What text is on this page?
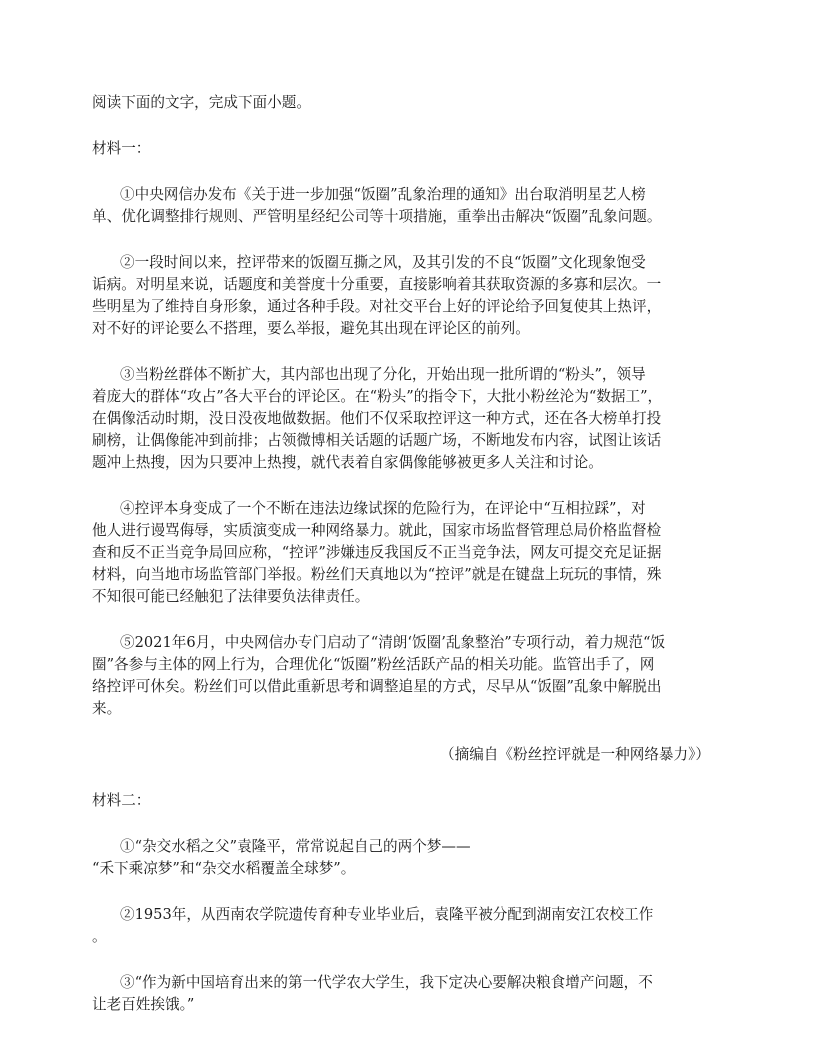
阅读下面的文字，完成下面小题。

材料一：

①中央网信办发布《关于进一步加强“饭圈”乱象治理的通知》出台取消明星艺人榜

单、优化调整排行规则、严管明星经纪公司等十项措施，重拳出击解决“饭圈”乱象问题。

②一段时间以来，控评带来的饭圈互撕之风，及其引发的不良“饭圈”文化现象饱受

诟病。对明星来说，话题度和美誉度十分重要，直接影响着其获取资源的多寡和层次。一

些明星为了维持自身形象，通过各种手段。对社交平台上好的评论给予回复使其上热评，

对不好的评论要么不搭理，要么举报，避免其出现在评论区的前列。

③当粉丝群体不断扩大，其内部也出现了分化，开始出现一批所谓的“粉头”，领导

着庞大的群体“攻占”各大平台的评论区。在“粉头”的指令下，大批小粉丝沦为“数据工”，

在偶像活动时期，没日没夜地做数据。他们不仅采取控评这一种方式，还在各大榜单打投

刷榜，让偶像能冲到前排；占领微博相关话题的话题广场，不断地发布内容，试图让该话

题冲上热搜，因为只要冲上热搜，就代表着自家偶像能够被更多人关注和讨论。

④控评本身变成了一个不断在违法边缘试探的危险行为，在评论中“互相拉踩”，对

他人进行谩骂侮辱，实质演变成一种网络暴力。就此，国家市场监督管理总局价格监督检

查和反不正当竞争局回应称，“控评”涉嫌违反我国反不正当竞争法，网友可提交充足证据

材料，向当地市场监管部门举报。粉丝们天真地以为“控评”就是在键盘上玩玩的事情，殊

不知很可能已经触犯了法律要负法律责任。

⑤2021年6月，中央网信办专门启动了“清朗‘饭圈’乱象整治”专项行动，着力规范“饭

圈”各参与主体的网上行为，合理优化“饭圈”粉丝活跃产品的相关功能。监管出手了，网

络控评可休矣。粉丝们可以借此重新思考和调整追星的方式，尽早从“饭圈”乱象中解脱出

来。

（摘编自《粉丝控评就是一种网络暴力》）

材料二：

①“杂交水稻之父”袁隆平，常常说起自己的两个梦——

“禾下乘凉梦”和“杂交水稻覆盖全球梦”。

②1953年，从西南农学院遗传育种专业毕业后，袁隆平被分配到湖南安江农校工作

。

③“作为新中国培育出来的第一代学农大学生，我下定决心要解决粮食增产问题，不

让老百姓挨饿。”
